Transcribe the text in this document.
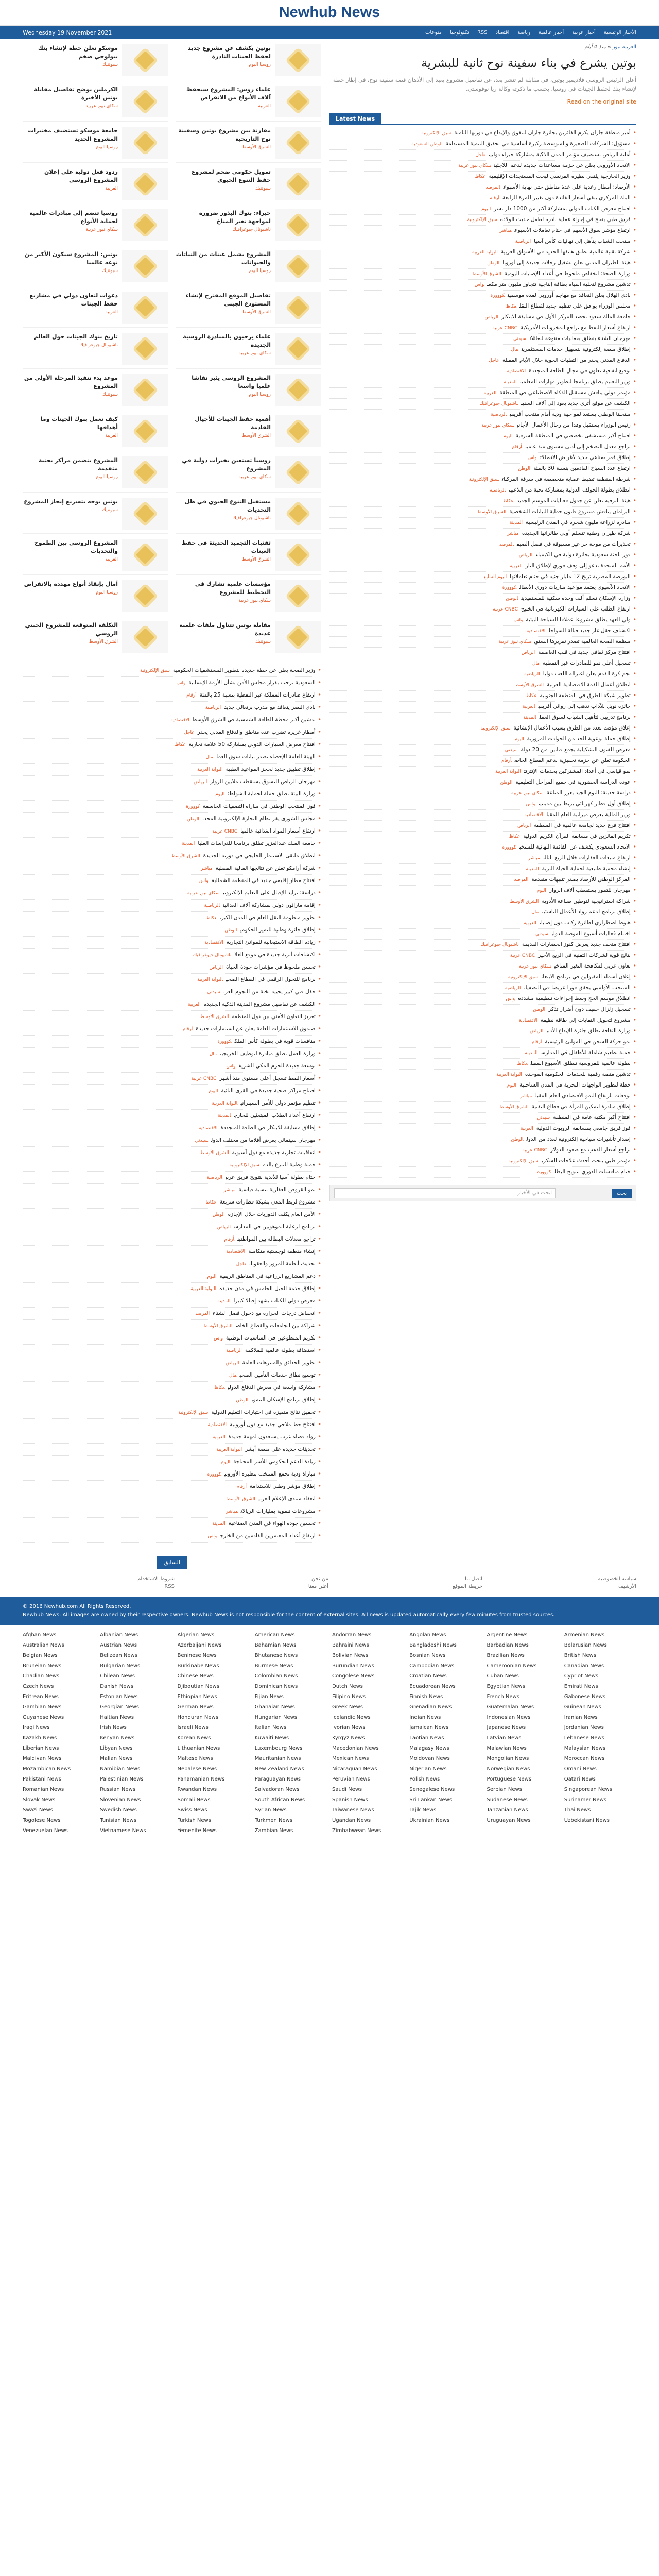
Newhub News
Wednesday 19 November 2021	الأخبار الرئيسية
أخبار عربية
أخبار عالمية
رياضة
اقتصاد
RSS
تكنولوجيا
منوعات
بوتين يكشف عن مشروع جديد لحفظ الجينات النادرة
روسيا اليوم
موسكو تعلن خطة لإنشاء بنك بيولوجي ضخم
سبوتنيك
علماء روس: المشروع سيحفظ آلاف الأنواع من الانقراض
العربية
الكرملين يوضح تفاصيل مقابلة بوتين الأخيرة
سكاي نيوز عربية
مقارنة بين مشروع بوتين وسفينة نوح التاريخية
الشرق الأوسط
جامعة موسكو تستضيف مختبرات المشروع الجديد
روسيا اليوم
تمويل حكومي ضخم لمشروع حفظ التنوع الحيوي
سبوتنيك
ردود فعل دولية على إعلان المشروع الروسي
العربية
خبراء: بنوك البذور ضرورة لمواجهة تغير المناخ
ناشيونال جيوغرافيك
روسيا تنضم إلى مبادرات عالمية لحماية الأنواع
سكاي نيوز عربية
المشروع يشمل عينات من النباتات والحيوانات
روسيا اليوم
بوتين: المشروع سيكون الأكبر من نوعه عالميا
سبوتنيك
تفاصيل الموقع المقترح لإنشاء المستودع الجيني
الشرق الأوسط
دعوات لتعاون دولي في مشاريع حفظ الجينات
العربية
علماء يرحبون بالمبادرة الروسية الجديدة
سكاي نيوز عربية
تاريخ بنوك الجينات حول العالم
ناشيونال جيوغرافيك
المشروع الروسي يثير نقاشا علميا واسعا
روسيا اليوم
موعد بدء تنفيذ المرحلة الأولى من المشروع
سبوتنيك
أهمية حفظ الجينات للأجيال القادمة
الشرق الأوسط
كيف تعمل بنوك الجينات وما أهدافها
العربية
روسيا تستعين بخبرات دولية في المشروع
سكاي نيوز عربية
المشروع يتضمن مراكز بحثية متقدمة
روسيا اليوم
مستقبل التنوع الحيوي في ظل التحديات
ناشيونال جيوغرافيك
بوتين يوجه بتسريع إنجاز المشروع
سبوتنيك
تقنيات التجميد الحديثة في حفظ العينات
الشرق الأوسط
المشروع الروسي بين الطموح والتحديات
العربية
مؤسسات علمية تشارك في التخطيط للمشروع
سكاي نيوز عربية
آمال بإنقاذ أنواع مهددة بالانقراض
روسيا اليوم
مقابلة بوتين تتناول ملفات علمية عديدة
سبوتنيك
التكلفة المتوقعة للمشروع الجيني الروسي
الشرق الأوسط
•وزير الصحة يعلن عن خطة جديدة لتطوير المستشفيات الحكوميةسبق الإلكترونية
•السعودية ترحب بقرار مجلس الأمن بشأن الأزمة الإنسانيةواس
•ارتفاع صادرات المملكة غير النفطية بنسبة 25 بالمئةأرقام
•نادي النصر يتعاقد مع مدرب برتغالي جديدالرياضية
•تدشين أكبر محطة للطاقة الشمسية في الشرق الأوسطالاقتصادية
•أمطار غزيرة تضرب عدة مناطق والدفاع المدني يحذرعاجل
•افتتاح معرض السيارات الدولي بمشاركة 50 علامة تجاريةعكاظ
•الهيئة العامة للإحصاء تصدر بيانات سوق العملمال
•إطلاق تطبيق جديد لحجز المواعيد الطبيةالبوابة العربية
•مهرجان الرياض للتسوق يستقطب ملايين الزوارالرياض
•وزارة البيئة تطلق حملة لحماية الشواطئاليوم
•فوز المنتخب الوطني في مباراة التصفيات الحاسمةكووورة
•مجلس الشورى يقر نظام التجارة الإلكترونية المحدثالوطن
•ارتفاع أسعار المواد الغذائية عالمياCNBC عربية
•جامعة الملك عبدالعزيز تطلق برنامجا للدراسات العلياالمدينة
•انطلاق ملتقى الاستثمار الخليجي في دورته الجديدةالشرق الأوسط
•شركة أرامكو تعلن عن نتائجها المالية الفصليةمباشر
•افتتاح مطار إقليمي جديد في المنطقة الشماليةواس
•دراسة: تزايد الإقبال على التعليم الإلكترونيسكاي نيوز عربية
•إقامة ماراثون دولي بمشاركة آلاف العدائينالرياضية
•تطوير منظومة النقل العام في المدن الكبرىعكاظ
•إطلاق جائزة وطنية للتميز الحكوميالوطن
•زيادة الطاقة الاستيعابية للموانئ التجاريةالاقتصادية
•اكتشافات أثرية جديدة في موقع العلاناشيونال جيوغرافيك
•تحسن ملحوظ في مؤشرات جودة الحياةالرياض
•برنامج للتحول الرقمي في القطاع الصحيالبوابة العربية
•حفل فني كبير يحييه نخبة من النجوم العربسيدتي
•الكشف عن تفاصيل مشروع المدينة الذكية الجديدةالعربية
•تعزيز التعاون الأمني بين دول المنطقةالشرق الأوسط
•صندوق الاستثمارات العامة يعلن عن استثمارات جديدةأرقام
•منافسات قوية في بطولة كأس الملككووورة
•وزارة العمل تطلق مبادرة لتوظيف الخريجينمال
•توسعة جديدة للحرم المكي الشريفواس
•أسعار النفط تسجل أعلى مستوى منذ أشهرCNBC عربية
•افتتاح مراكز صحية جديدة في القرى النائيةاليوم
•تنظيم مؤتمر دولي للأمن السيبرانيالبوابة العربية
•ارتفاع أعداد الطلاب المبتعثين للخارجالمدينة
•إطلاق مسابقة للابتكار في الطاقة المتجددةالاقتصادية
•مهرجان سينمائي يعرض أفلاما من مختلف الدولسيدتي
•اتفاقيات تجارية جديدة مع دول آسيويةالشرق الأوسط
•حملة وطنية للتبرع بالدمسبق الإلكترونية
•ختام بطولة آسيا للأندية بتتويج فريق عربيالرياضية
•نمو القروض العقارية بنسبة قياسيةمباشر
•مشروع لربط المدن بشبكة قطارات سريعةعكاظ
•الأمن العام يكثف الدوريات خلال الإجازةالوطن
•برنامج لرعاية الموهوبين في المدارسالرياض
•تراجع معدلات البطالة بين المواطنينأرقام
•إنشاء منطقة لوجستية متكاملةالاقتصادية
•تحديث أنظمة المرور والعقوباتعاجل
•دعم المشاريع الزراعية في المناطق الريفيةاليوم
•إطلاق خدمة الجيل الخامس في مدن جديدةالبوابة العربية
•معرض دولي للكتاب يشهد إقبالا كبيراالمدينة
•انخفاض درجات الحرارة مع دخول فصل الشتاءالمرصد
•شراكة بين الجامعات والقطاع الخاصالشرق الأوسط
•تكريم المتطوعين في المناسبات الوطنيةواس
•استضافة بطولة عالمية للملاكمةالرياضية
•تطوير الحدائق والمتنزهات العامةالرياض
•توسيع نطاق خدمات التأمين الصحيمال
•مشاركة واسعة في معرض الدفاع الدوليعكاظ
•إطلاق برنامج الإسكان التنمويالوطن
•تحقيق نتائج متميزة في اختبارات التعليم الدوليةسبق الإلكترونية
•افتتاح خط ملاحي جديد مع دول أوروبيةالاقتصادية
•رواد فضاء عرب يستعدون لمهمة جديدةالعربية
•تحديثات جديدة على منصة أبشرالبوابة العربية
•زيادة الدعم الحكومي للأسر المحتاجةاليوم
•مباراة ودية تجمع المنتخب بنظيره الأوروبيكووورة
•إطلاق مؤشر وطني للاستدامةأرقام
•انعقاد منتدى الإعلام العربيالشرق الأوسط
•مشروعات تنموية بمليارات الريالاتمباشر
•تحسين جودة الهواء في المدن الصناعيةالمدينة
•ارتفاع أعداد المعتمرين القادمين من الخارجواس
السابق
العربية نيوز » منذ 4 أيام
بوتين يشرع في بناء سفينة نوح ثانية للبشرية

أعلن الرئيس الروسي فلاديمير بوتين، في مقابلة لم تنشر بعد، عن تفاصيل مشروع يعيد إلى الأذهان قصة سفينة نوح، في إطار خطة لإنشاء بنك لحفظ الجينات في روسيا، بحسب ما ذكرته وكالة ريا نوفوستي.

Read on the original site
Latest News
•أمير منطقة جازان يكرم الفائزين بجائزة جازان للتفوق والإبداع في دورتها الثامنةسبق الإلكترونية
•مسؤول: الشركات الصغيرة والمتوسطة ركيزة أساسية في تحقيق التنمية المستدامةالوطن السعودية
•أمانة الرياض تستضيف مؤتمر المدن الذكية بمشاركة خبراء دوليينعاجل
•الاتحاد الأوروبي يعلن عن حزمة مساعدات جديدة لدعم اللاجئينسكاي نيوز عربية
•وزير الخارجية يلتقي نظيره الفرنسي لبحث المستجدات الإقليميةعكاظ
•الأرصاد: أمطار رعدية على عدة مناطق حتى نهاية الأسبوعالمرصد
•البنك المركزي يبقي أسعار الفائدة دون تغيير للمرة الرابعةأرقام
•افتتاح معرض الكتاب الدولي بمشاركة أكثر من 1000 دار نشراليوم
•فريق طبي ينجح في إجراء عملية نادرة لطفل حديث الولادةسبق الإلكترونية
•ارتفاع مؤشر سوق الأسهم في ختام تعاملات الأسبوعمباشر
•منتخب الشباب يتأهل إلى نهائيات كأس آسياالرياضية
•شركة تقنية عالمية تطلق هاتفها الجديد في الأسواق العربيةالبوابة العربية
•هيئة الطيران المدني تعلن تشغيل رحلات جديدة إلى أوروباالوطن
•وزارة الصحة: انخفاض ملحوظ في أعداد الإصابات اليوميةالشرق الأوسط
•تدشين مشروع لتحلية المياه بطاقة إنتاجية تتجاوز مليون متر مكعبواس
•نادي الهلال يعلن التعاقد مع مهاجم أوروبي لمدة موسمينكووورة
•مجلس الوزراء يوافق على تنظيم جديد لقطاع النقلعكاظ
•جامعة الملك سعود تحصد المركز الأول في مسابقة الابتكارالرياض
•ارتفاع أسعار النفط مع تراجع المخزونات الأمريكيةCNBC عربية
•مهرجان الشتاء ينطلق بفعاليات متنوعة للعائلاتسيدتي
•إطلاق منصة إلكترونية لتسهيل خدمات المستثمرينمال
•الدفاع المدني يحذر من التقلبات الجوية خلال الأيام المقبلةعاجل
•توقيع اتفاقية تعاون في مجال الطاقة المتجددةالاقتصادية
•وزير التعليم يطلق برنامجا لتطوير مهارات المعلمينالمدينة
•مؤتمر دولي يناقش مستقبل الذكاء الاصطناعي في المنطقةالعربية
•الكشف عن موقع أثري جديد يعود إلى آلاف السنينناشيونال جيوغرافيك
•منتخبنا الوطني يستعد لمواجهة ودية أمام منتخب أفريقيالرياضية
•رئيس الوزراء يستقبل وفدا من رجال الأعمال الأجانبسكاي نيوز عربية
•افتتاح أكبر مستشفى تخصصي في المنطقة الشرقيةاليوم
•تراجع معدل التضخم إلى أدنى مستوى منذ عامينأرقام
•إطلاق قمر صناعي جديد لأغراض الاتصالاتواس
•ارتفاع عدد السياح القادمين بنسبة 30 بالمئةالوطن
•شرطة المنطقة تضبط عصابة متخصصة في سرقة المركباتسبق الإلكترونية
•انطلاق بطولة الجولف الدولية بمشاركة نخبة من اللاعبينالرياضية
•هيئة الترفيه تعلن عن جدول فعاليات الموسم الجديدعكاظ
•البرلمان يناقش مشروع قانون حماية البيانات الشخصيةالشرق الأوسط
•مبادرة لزراعة مليون شجرة في المدن الرئيسيةالمدينة
•شركة طيران وطنية تتسلم أولى طائراتها الجديدةمباشر
•تحذيرات من موجة حر غير مسبوقة في فصل الصيفالمرصد
•فوز باحثة سعودية بجائزة دولية في الكيمياءالرياض
•الأمم المتحدة تدعو إلى وقف فوري لإطلاق النارالعربية
•البورصة المصرية تربح 12 مليار جنيه في ختام تعاملاتهااليوم السابع
•الاتحاد الآسيوي يعتمد مواعيد مباريات دوري الأبطالكووورة
•وزارة الإسكان تسلم ألف وحدة سكنية للمستفيدينالوطن
•ارتفاع الطلب على السيارات الكهربائية في الخليجCNBC عربية
•ولي العهد يطلق مشروعا عملاقا للسياحة البيئيةواس
•اكتشاف حقل غاز جديد قبالة السواحلالاقتصادية
•منظمة الصحة العالمية تصدر تقريرها السنويسكاي نيوز عربية
•افتتاح مركز ثقافي جديد في قلب العاصمةالرياض
•تسجيل أعلى نمو للصادرات غير النفطيةمال
•نجم كرة القدم يعلن اعتزاله اللعب دولياالرياضية
•انطلاق أعمال القمة الاقتصادية العربيةالشرق الأوسط
•تطوير شبكة الطرق في المنطقة الجنوبيةعكاظ
•جائزة نوبل للآداب تذهب إلى روائي أفريقيالعربية
•برنامج تدريبي لتأهيل الشباب لسوق العملالمدينة
•إغلاق مؤقت لعدد من الطرق بسبب الأعمال الإنشائيةسبق الإلكترونية
•إطلاق حملة توعوية للحد من الحوادث المروريةاليوم
•معرض للفنون التشكيلية يجمع فنانين من 20 دولةسيدتي
•الحكومة تعلن عن حزمة تحفيزية لدعم القطاع الخاصأرقام
•نمو قياسي في أعداد المشتركين بخدمات الإنترنتالبوابة العربية
•عودة الدراسة الحضورية في جميع المراحل التعليميةالوطن
•دراسة حديثة: النوم الجيد يعزز المناعةسكاي نيوز عربية
•إطلاق أول قطار كهربائي يربط بين مدينتينواس
•وزير المالية يعرض ميزانية العام المقبلالاقتصادية
•افتتاح فرع جديد لجامعة عالمية في المنطقةالرياض
•تكريم الفائزين في مسابقة القرآن الكريم الدوليةعكاظ
•الاتحاد السعودي يكشف عن القائمة النهائية للمنتخبكووورة
•ارتفاع مبيعات العقارات خلال الربع الثالثمباشر
•إنشاء محمية طبيعية لحماية الحياة البريةالمدينة
•المركز الوطني للأرصاد يصدر تنبيهات متقدمةالمرصد
•مهرجان للتمور يستقطب آلاف الزواراليوم
•شراكة استراتيجية لتوطين صناعة الأدويةالشرق الأوسط
•إطلاق برنامج لدعم رواد الأعمال الناشئينمال
•هبوط اضطراري لطائرة ركاب دون إصاباتالعربية
•اختتام فعاليات أسبوع الموضة الدوليسيدتي
•افتتاح متحف جديد يعرض كنوز الحضارات القديمةناشيونال جيوغرافيك
•نتائج قوية لشركات التقنية في الربع الأخيرCNBC عربية
•تعاون عربي لمكافحة التغير المناخيسكاي نيوز عربية
•إعلان أسماء المقبولين في برنامج الابتعاثسبق الإلكترونية
•المنتخب الأولمبي يحقق فوزا عريضا في التصفياتالرياضية
•انطلاق موسم الحج وسط إجراءات تنظيمية مشددةواس
•تسجيل زلزال خفيف دون أضرار تذكرالوطن
•مشروع لتحويل النفايات إلى طاقة نظيفةالاقتصادية
•وزارة الثقافة تطلق جائزة للإبداع الأدبيالرياض
•نمو حركة الشحن في الموانئ الرئيسيةأرقام
•حملة تطعيم شاملة للأطفال في المدارسالمدينة
•بطولة عالمية للفروسية تنطلق الأسبوع المقبلعكاظ
•تدشين منصة رقمية للخدمات الحكومية الموحدةالبوابة العربية
•خطة لتطوير الواجهات البحرية في المدن الساحليةاليوم
•توقعات بارتفاع النمو الاقتصادي العام المقبلمباشر
•إطلاق مبادرة لتمكين المرأة في قطاع التقنيةالشرق الأوسط
•افتتاح أكبر مكتبة عامة في المنطقةسيدتي
•فوز فريق جامعي بمسابقة الروبوت الدوليةالعربية
•إصدار تأشيرات سياحية إلكترونية لعدد من الدولالوطن
•تراجع أسعار الذهب مع صعود الدولارCNBC عربية
•مؤتمر طبي يبحث أحدث علاجات السكريسبق الإلكترونية
•ختام منافسات الدوري بتتويج البطلكووورة
بحث
ابحث في الأخبار
سياسة الخصوصية
اتصل بنا
من نحن
شروط الاستخدام
الأرشيف
خريطة الموقع
أعلن معنا
RSS
© 2016 Newhub.com All Rights Reserved.
Newhub News: All images are owned by their respective owners. Newhub News is not responsible for the content of external sites. All news is updated automatically every few minutes from trusted sources.
Afghan News	Albanian News	Algerian News	American News	Andorran News	Angolan News	Argentine News	Armenian News
Australian News	Austrian News	Azerbaijani News	Bahamian News	Bahraini News	Bangladeshi News	Barbadian News	Belarusian News
Belgian News	Belizean News	Beninese News	Bhutanese News	Bolivian News	Bosnian News	Brazilian News	British News
Bruneian News	Bulgarian News	Burkinabe News	Burmese News	Burundian News	Cambodian News	Cameroonian News	Canadian News
Chadian News	Chilean News	Chinese News	Colombian News	Congolese News	Croatian News	Cuban News	Cypriot News
Czech News	Danish News	Djiboutian News	Dominican News	Dutch News	Ecuadorean News	Egyptian News	Emirati News
Eritrean News	Estonian News	Ethiopian News	Fijian News	Filipino News	Finnish News	French News	Gabonese News
Gambian News	Georgian News	German News	Ghanaian News	Greek News	Grenadian News	Guatemalan News	Guinean News
Guyanese News	Haitian News	Honduran News	Hungarian News	Icelandic News	Indian News	Indonesian News	Iranian News
Iraqi News	Irish News	Israeli News	Italian News	Ivorian News	Jamaican News	Japanese News	Jordanian News
Kazakh News	Kenyan News	Korean News	Kuwaiti News	Kyrgyz News	Laotian News	Latvian News	Lebanese News
Liberian News	Libyan News	Lithuanian News	Luxembourg News	Macedonian News	Malagasy News	Malawian News	Malaysian News
Maldivan News	Malian News	Maltese News	Mauritanian News	Mexican News	Moldovan News	Mongolian News	Moroccan News
Mozambican News	Namibian News	Nepalese News	New Zealand News	Nicaraguan News	Nigerian News	Norwegian News	Omani News
Pakistani News	Palestinian News	Panamanian News	Paraguayan News	Peruvian News	Polish News	Portuguese News	Qatari News
Romanian News	Russian News	Rwandan News	Salvadoran News	Saudi News	Senegalese News	Serbian News	Singaporean News
Slovak News	Slovenian News	Somali News	South African News	Spanish News	Sri Lankan News	Sudanese News	Surinamer News
Swazi News	Swedish News	Swiss News	Syrian News	Taiwanese News	Tajik News	Tanzanian News	Thai News
Togolese News	Tunisian News	Turkish News	Turkmen News	Ugandan News	Ukrainian News	Uruguayan News	Uzbekistani News
Venezuelan News	Vietnamese News	Yemenite News	Zambian News	Zimbabwean News
